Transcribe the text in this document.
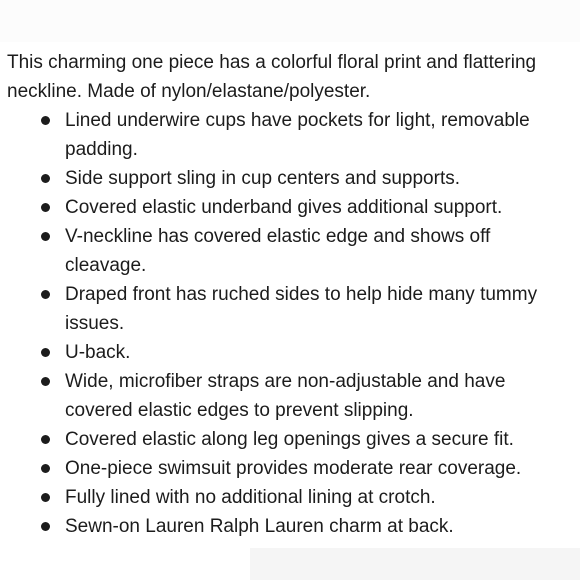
This charming one piece has a colorful floral print and flattering neckline. Made of nylon/elastane/polyester.

Lined underwire cups have pockets for light, removable padding.
Side support sling in cup centers and supports.
Covered elastic underband gives additional support.
V-neckline has covered elastic edge and shows off cleavage.
Draped front has ruched sides to help hide many tummy issues.
U-back.
Wide, microfiber straps are non-adjustable and have covered elastic edges to prevent slipping.
Covered elastic along leg openings gives a secure fit.
One-piece swimsuit provides moderate rear coverage.
Fully lined with no additional lining at crotch.
Sewn-on Lauren Ralph Lauren charm at back.
